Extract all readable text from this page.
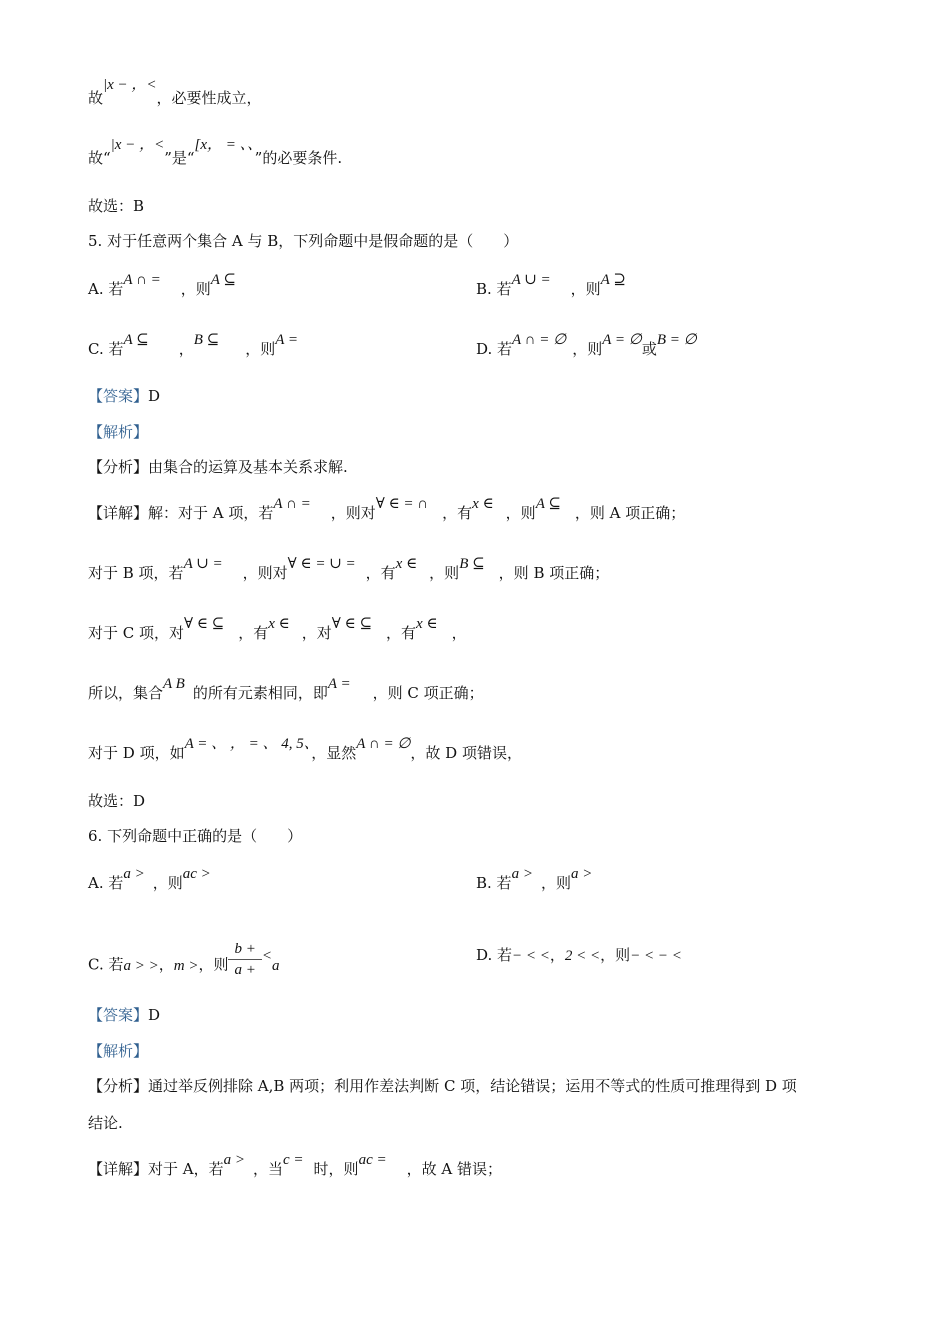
故|x − ，<，必要性成立，
故“|x − ，<”是“[x， = 、、”的必要条件.
故选：B
5. 对于任意两个集合 A 与 B，下列命题中是假命题的是（　　）
A. 若A ∩ = ，则A ⊆	B. 若A ∪ = ，则A ⊇
C. 若A ⊆ ，B ⊆ ，则A =	D. 若A ∩ = ∅ ，则A = ∅或B = ∅
【答案】D
【解析】
【分析】由集合的运算及基本关系求解.
【详解】解：对于 A 项，若A ∩ = ，则对∀ ∈ = ∩ ，有x ∈ ，则A ⊆ ，则 A 项正确；
对于 B 项，若A ∪ = ，则对∀ ∈ = ∪ = ，有x ∈ ，则B ⊆ ，则 B 项正确；
对于 C 项，对∀ ∈ ⊆ ，有x ∈ ，对∀ ∈ ⊆ ，有x ∈ ，
所以，集合A B 的所有元素相同，即A = ，则 C 项正确；
对于 D 项，如A = 、 ， = 、 4, 5、，显然A ∩ = ∅，故 D 项错误，
故选：D
6. 下列命题中正确的是（　　）
A. 若a > ，则ac >	B. 若a > ，则a >
C. 若a > >，m >，则 $\frac{b +}{a +} <a$
D. 若− < <，2 < <，则− < − <
【答案】D
【解析】
【分析】通过举反例排除 A,B 两项；利用作差法判断 C 项，结论错误；运用不等式的性质可推理得到 D 项
结论.
【详解】对于 A，若a > ，当c = 时，则ac = ，故 A 错误；
